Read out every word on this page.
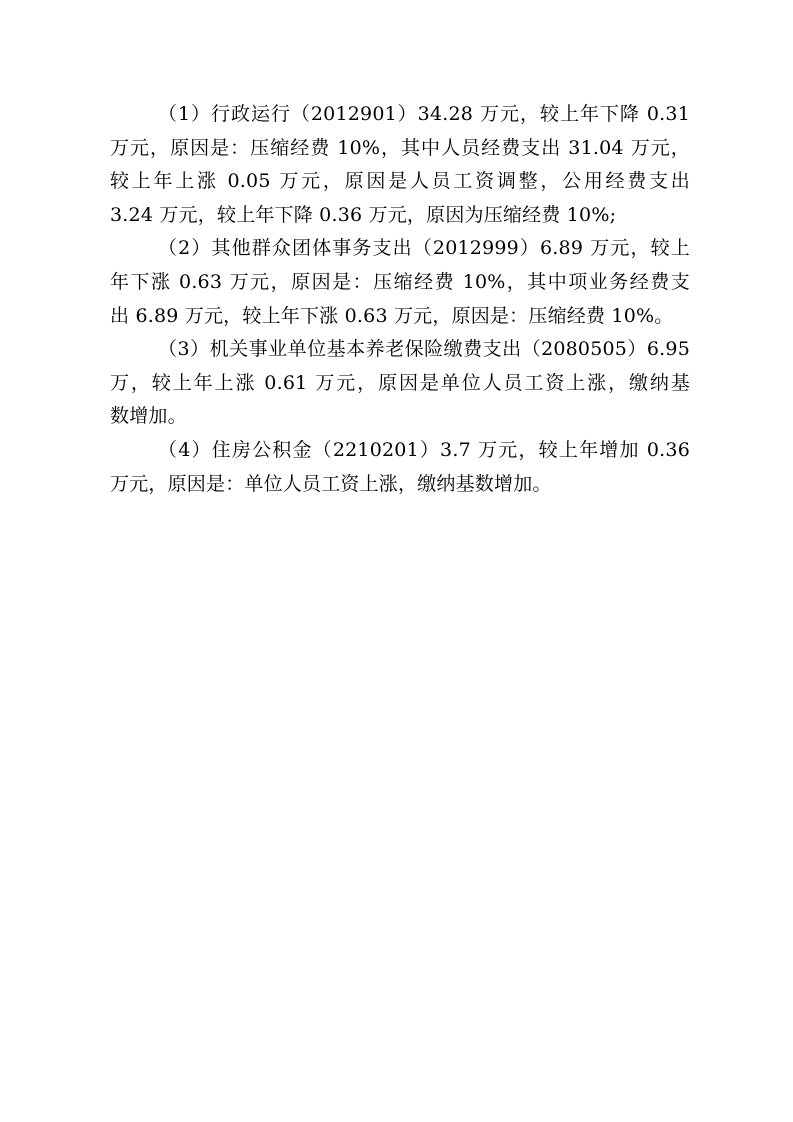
（1）行政运行（2012901）34.28 万元，较上年下降 0.31
万元，原因是：压缩经费 10%，其中人员经费支出 31.04 万元，
较上年上涨 0.05 万元，原因是人员工资调整，公用经费支出
3.24 万元，较上年下降 0.36 万元，原因为压缩经费 10%;
（2）其他群众团体事务支出（2012999）6.89 万元，较上
年下涨 0.63 万元，原因是：压缩经费 10%，其中项业务经费支
出 6.89 万元，较上年下涨 0.63 万元，原因是：压缩经费 10%。
（3）机关事业单位基本养老保险缴费支出（2080505）6.95
万，较上年上涨 0.61 万元，原因是单位人员工资上涨，缴纳基
数增加。
（4）住房公积金（2210201）3.7 万元，较上年增加 0.36
万元，原因是：单位人员工资上涨，缴纳基数增加。
